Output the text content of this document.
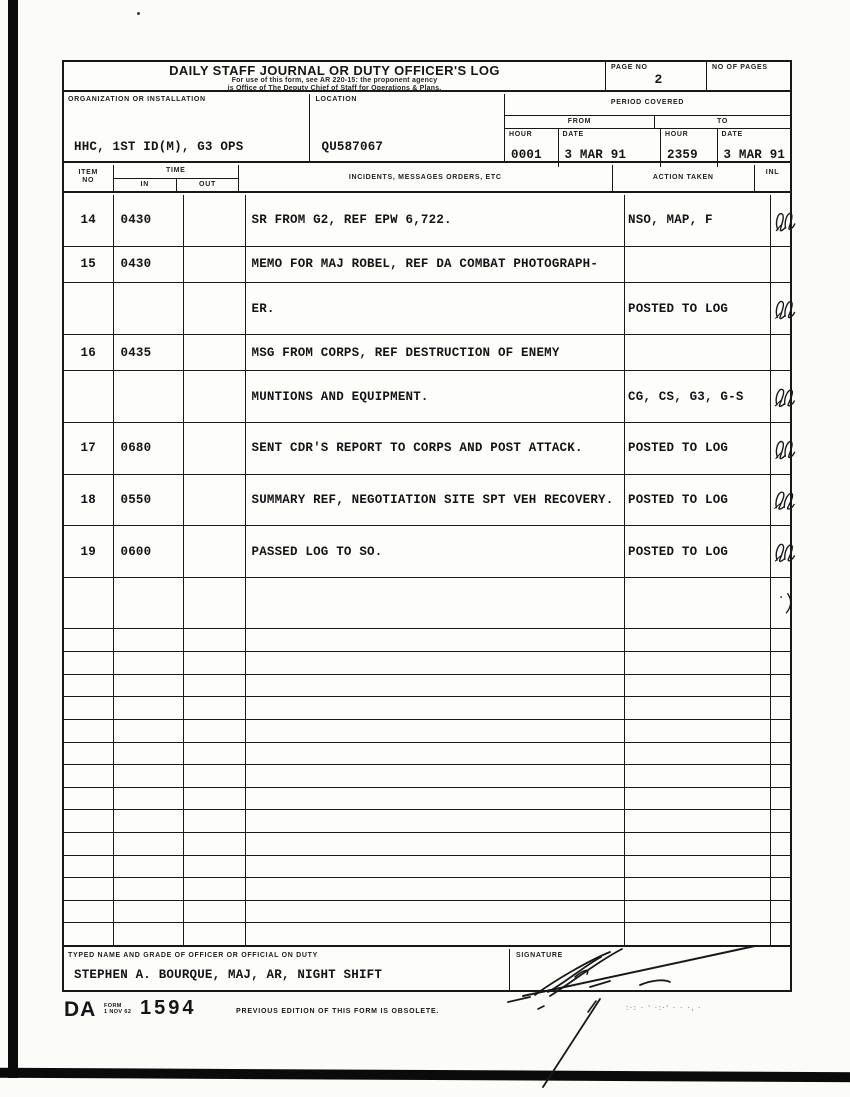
DAILY STAFF JOURNAL OR DUTY OFFICER'S LOG
For use of this form, see AR 220-15: the proponent agency
is Office of The Deputy Chief of Staff for Operations & Plans.
PAGE NO
2
NO OF PAGES
ORGANIZATION OR INSTALLATION
HHC, 1ST ID(M), G3 OPS
LOCATION
QU587067
PERIOD COVERED
FROM	TO
HOUR
0001
DATE
3 MAR 91
HOUR
2359
DATE
3 MAR 91
ITEM
NO
TIME
IN	OUT
INCIDENTS, MESSAGES ORDERS, ETC	ACTION TAKEN
INL
14	0430	SR FROM G2, REF EPW 6,722.	NSO, MAP, F
15	0430	MEMO FOR MAJ ROBEL, REF DA COMBAT PHOTOGRAPH-
ER.	POSTED TO LOG
16	0435	MSG FROM CORPS, REF DESTRUCTION OF ENEMY
MUNTIONS AND EQUIPMENT.	CG, CS, G3, G-S
17	0680	SENT CDR'S REPORT TO CORPS AND POST ATTACK.	POSTED TO LOG
18	0550	SUMMARY REF, NEGOTIATION SITE SPT VEH RECOVERY.	POSTED TO LOG
19	0600	PASSED LOG TO SO.	POSTED TO LOG
TYPED NAME AND GRADE OF OFFICER OR OFFICIAL ON DUTY
STEPHEN A. BOURQUE, MAJ, AR, NIGHT SHIFT
SIGNATURE
DA FORM
1 NOV 62 1594	PREVIOUS EDITION OF THIS FORM IS OBSOLETE.	:·: · ' ·:·' · · ·, ·
